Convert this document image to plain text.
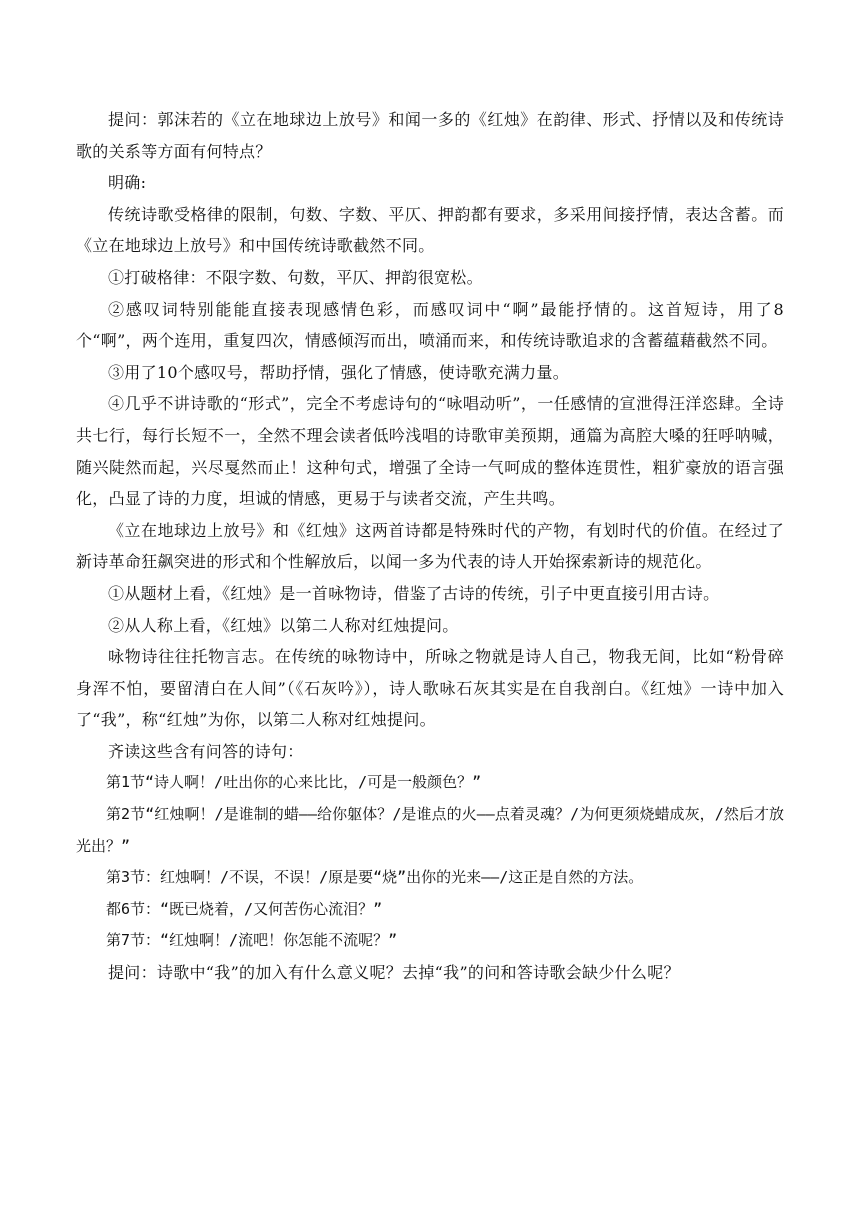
提问：郭沫若的《立在地球边上放号》和闻一多的《红烛》在韵律、形式、抒情以及和传统诗歌的关系等方面有何特点？

明确:

传统诗歌受格律的限制，句数、字数、平仄、押韵都有要求，多采用间接抒情，表达含蓄。而《立在地球边上放号》和中国传统诗歌截然不同。

①打破格律：不限字数、句数，平仄、押韵很宽松。

②感叹词特别能能直接表现感情色彩，而感叹词中“啊”最能抒情的。这首短诗，用了8个“啊”，两个连用，重复四次，情感倾泻而出，喷涌而来，和传统诗歌追求的含蓄蕴藉截然不同。

③用了10个感叹号，帮助抒情，强化了情感，使诗歌充满力量。

④几乎不讲诗歌的“形式”，完全不考虑诗句的“咏唱动听”，一任感情的宣泄得汪洋恣肆。全诗共七行，每行长短不一，全然不理会读者低吟浅唱的诗歌审美预期，通篇为高腔大嗓的狂呼呐喊，随兴陡然而起，兴尽戛然而止！这种句式，增强了全诗一气呵成的整体连贯性，粗犷豪放的语言强化，凸显了诗的力度，坦诚的情感，更易于与读者交流，产生共鸣。

《立在地球边上放号》和《红烛》这两首诗都是特殊时代的产物，有划时代的价值。在经过了新诗革命狂飙突进的形式和个性解放后，以闻一多为代表的诗人开始探索新诗的规范化。

①从题材上看，《红烛》是一首咏物诗，借鉴了古诗的传统，引子中更直接引用古诗。

②从人称上看，《红烛》以第二人称对红烛提问。

咏物诗往往托物言志。在传统的咏物诗中，所咏之物就是诗人自己，物我无间，比如“粉骨碎身浑不怕，要留清白在人间”（《石灰吟》），诗人歌咏石灰其实是在自我剖白。《红烛》一诗中加入了“我”，称“红烛”为你，以第二人称对红烛提问。

齐读这些含有问答的诗句：

第1节“诗人啊！/吐出你的心来比比，/可是一般颜色？”

第2节“红烛啊！/是谁制的蜡——给你躯体？/是谁点的火——点着灵魂？/为何更须烧蜡成灰，/然后才放光出？”

第3节：红烛啊！/不误，不误！/原是要“烧”出你的光来——/这正是自然的方法。

都6节：“既已烧着，/又何苦伤心流泪？”

第7节：“红烛啊！/流吧！你怎能不流呢？”

提问：诗歌中“我”的加入有什么意义呢？去掉“我”的问和答诗歌会缺少什么呢？
